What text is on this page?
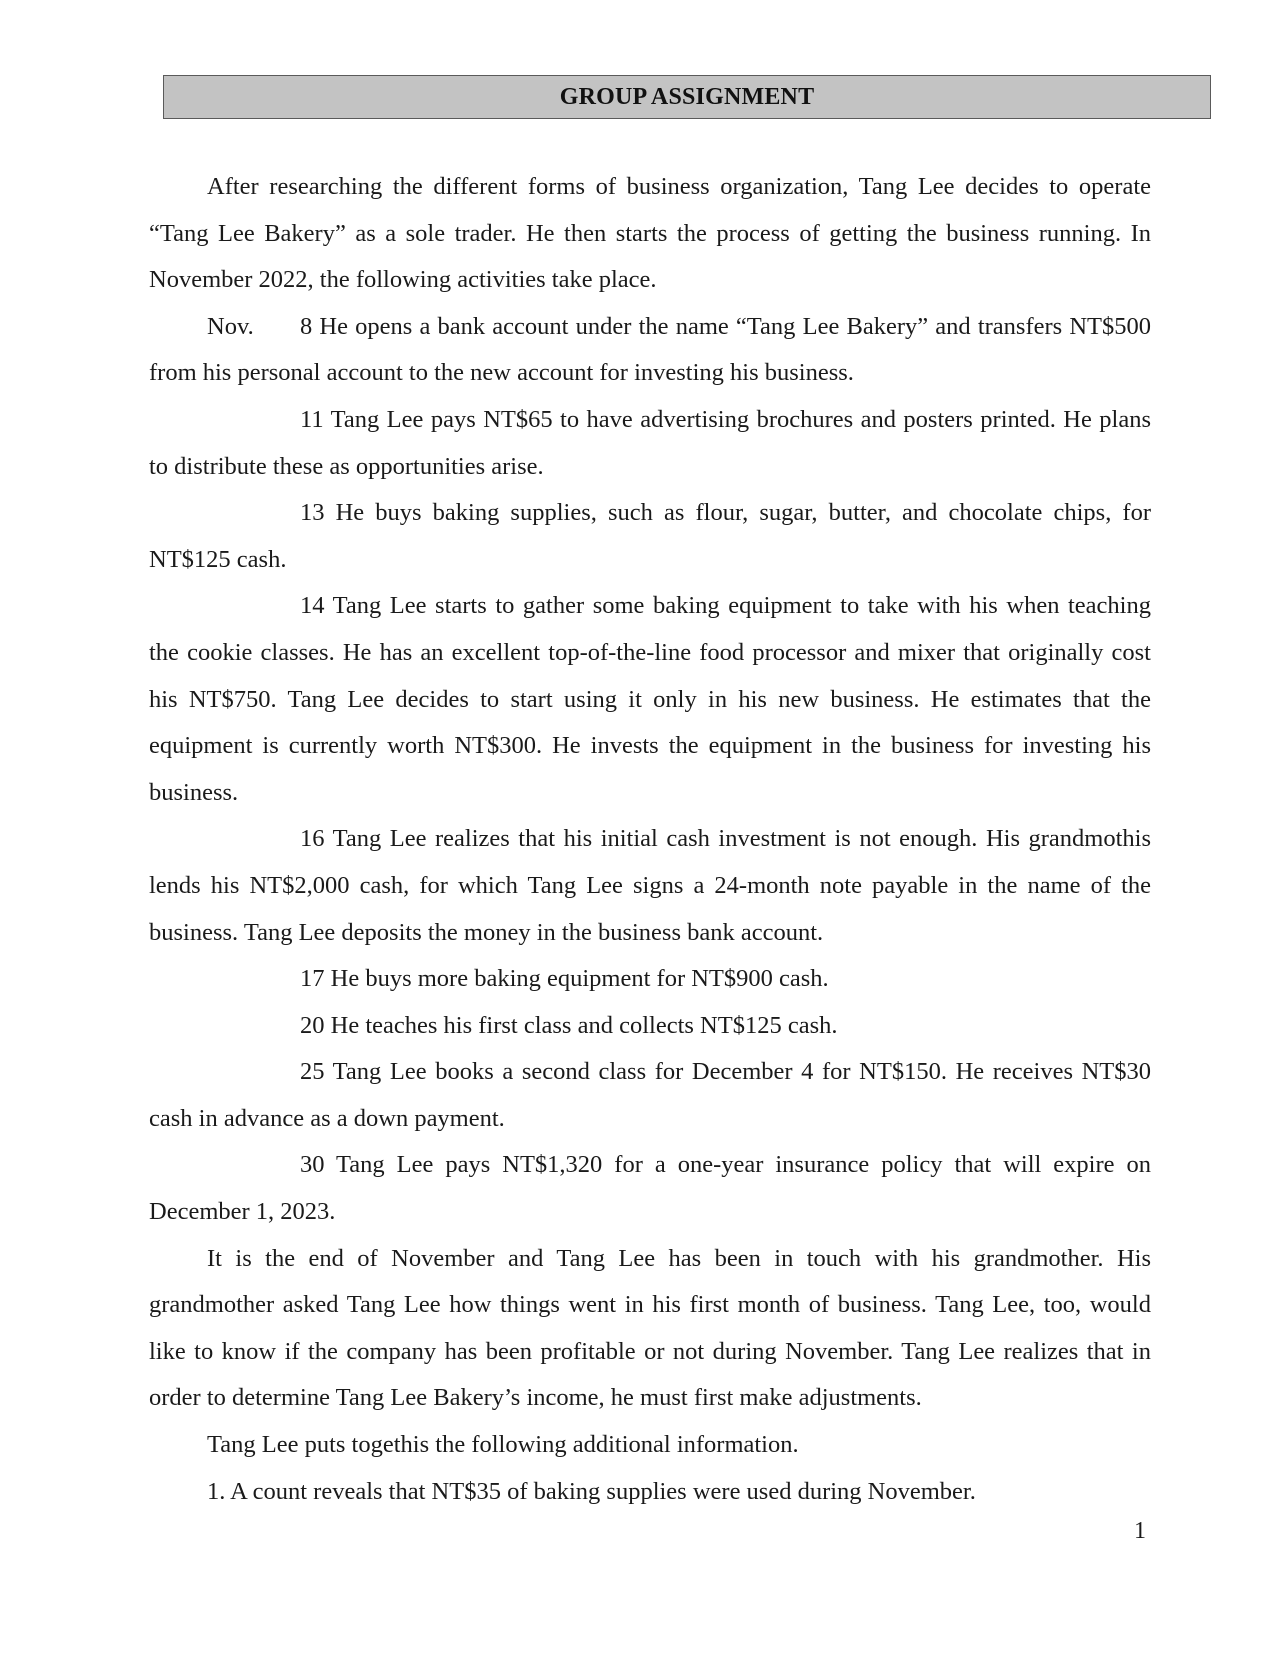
GROUP ASSIGNMENT

After researching the different forms of business organization, Tang Lee decides to operate “Tang Lee Bakery” as a sole trader. He then starts the process of getting the business running. In November 2022, the following activities take place.

Nov. 8 He opens a bank account under the name “Tang Lee Bakery” and transfers NT$500 from his personal account to the new account for investing his business.

11 Tang Lee pays NT$65 to have advertising brochures and posters printed. He plans to distribute these as opportunities arise.

13 He buys baking supplies, such as flour, sugar, butter, and chocolate chips, for NT$125 cash.

14 Tang Lee starts to gather some baking equipment to take with his when teaching the cookie classes. He has an excellent top-of-the-line food processor and mixer that originally cost his NT$750. Tang Lee decides to start using it only in his new business. He estimates that the equipment is currently worth NT$300. He invests the equipment in the business for investing his business.

16 Tang Lee realizes that his initial cash investment is not enough. His grandmothis lends his NT$2,000 cash, for which Tang Lee signs a 24-month note payable in the name of the business. Tang Lee deposits the money in the business bank account.

17 He buys more baking equipment for NT$900 cash.

20 He teaches his first class and collects NT$125 cash.

25 Tang Lee books a second class for December 4 for NT$150. He receives NT$30 cash in advance as a down payment.

30 Tang Lee pays NT$1,320 for a one-year insurance policy that will expire on December 1, 2023.

It is the end of November and Tang Lee has been in touch with his grandmother. His grandmother asked Tang Lee how things went in his first month of business. Tang Lee, too, would like to know if the company has been profitable or not during November. Tang Lee realizes that in order to determine Tang Lee Bakery’s income, he must first make adjustments.

Tang Lee puts togethis the following additional information.

1. A count reveals that NT$35 of baking supplies were used during November.

1
